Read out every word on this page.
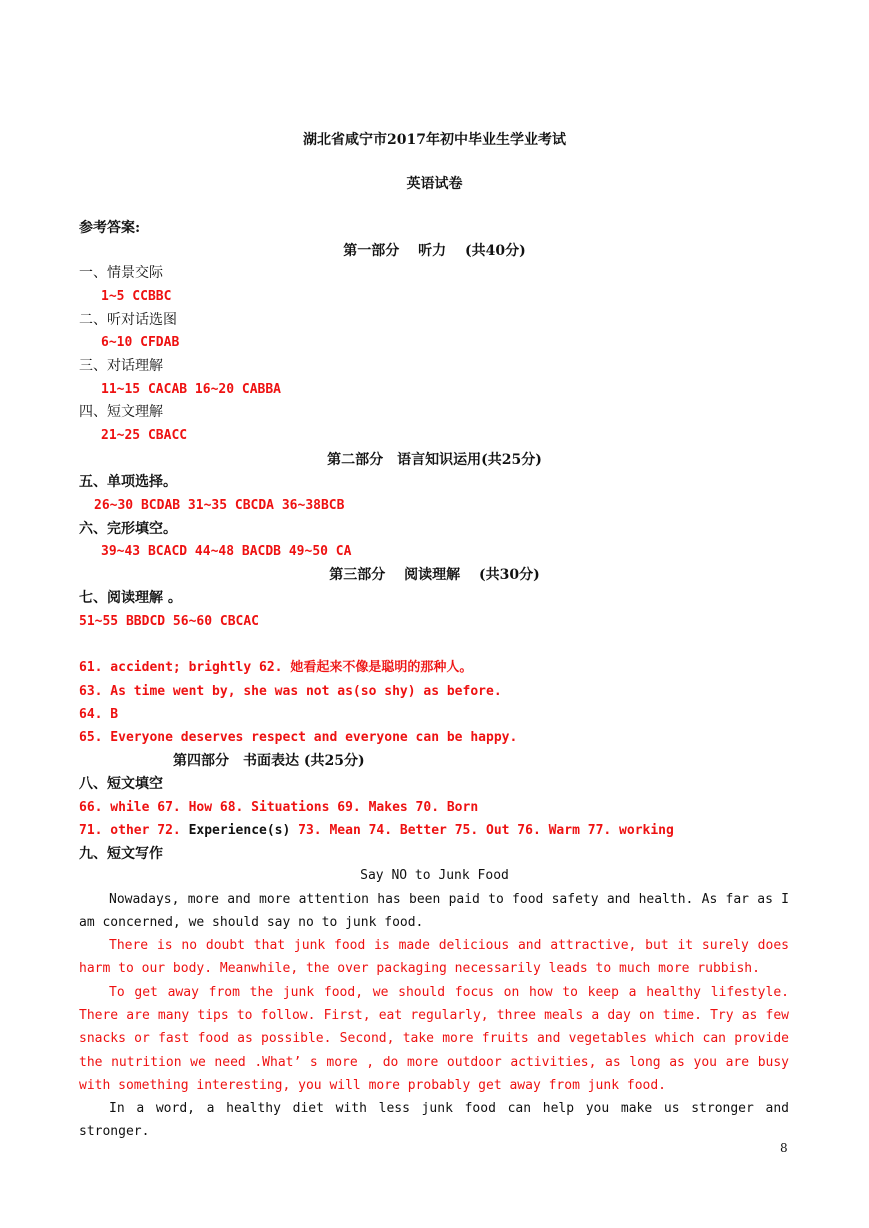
湖北省咸宁市2017年初中毕业生学业考试
英语试卷
参考答案:
第一部分　 听力　 (共40分)
一、情景交际
1~5 CCBBC
二、听对话选图
6~10 CFDAB
三、对话理解
11~15 CACAB 16~20 CABBA
四、短文理解
21~25 CBACC
第二部分　语言知识运用(共25分)
五、单项选择。
26~30 BCDAB 31~35 CBCDA 36~38BCB
六、完形填空。
39~43 BCACD 44~48 BACDB 49~50 CA
第三部分　 阅读理解　 (共30分)
七、阅读理解 。
51~55 BBDCD 56~60 CBCAC
61. accident; brightly 62. 她看起来不像是聪明的那种人。
63. As time went by, she was not as(so shy) as before.
64. B
65. Everyone deserves respect and everyone can be happy.
第四部分　书面表达 (共25分)
八、短文填空
66. while 67. How 68. Situations 69. Makes 70. Born
71. other 72. Experience(s) 73. Mean 74. Better 75. Out 76. Warm 77. working
九、短文写作
Say NO to Junk Food
Nowadays, more and more attention has been paid to food safety and health. As far as I am concerned, we should say no to junk food.
There is no doubt that junk food is made delicious and attractive, but it surely does harm to our body. Meanwhile, the over packaging necessarily leads to much more rubbish.
To get away from the junk food, we should focus on how to keep a healthy lifestyle. There are many tips to follow. First, eat regularly, three meals a day on time. Try as few snacks or fast food as possible. Second, take more fruits and vegetables which can provide the nutrition we need .What’ s more , do more outdoor activities, as long as you are busy with something interesting, you will more probably get away from junk food.
In a word, a healthy diet with less junk food can help you make us stronger and stronger.
8
